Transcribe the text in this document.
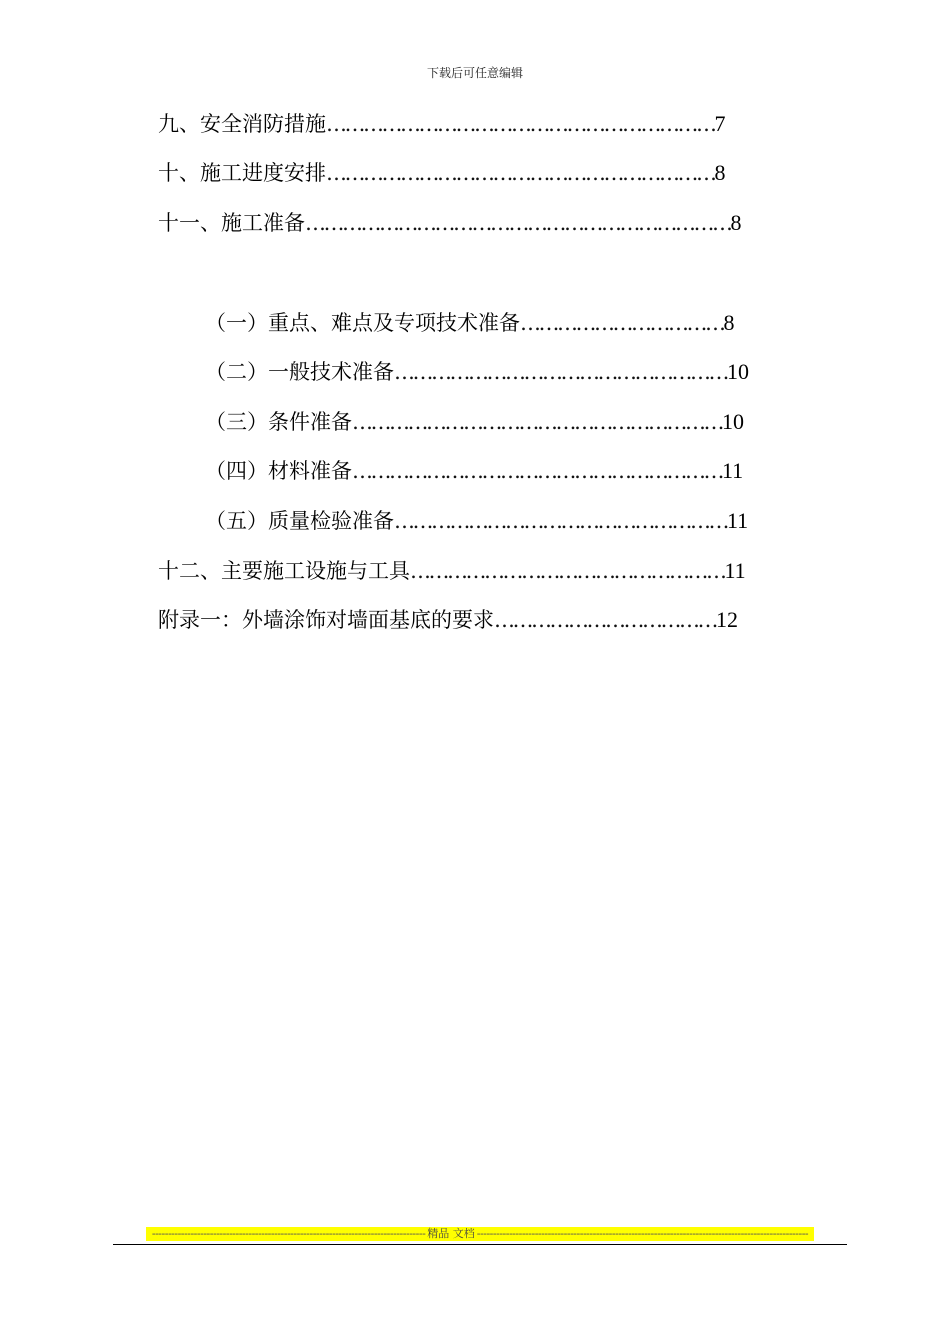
下载后可任意编辑
九、安全消防措施………………………………………………………7
十、施工进度安排………………………………………………………8
十一、施工准备……………………………………………………………8
（一）重点、难点及专项技术准备……………………………8
（二）一般技术准备………………………………………………10
（三）条件准备……………………………………………………10
（四）材料准备……………………………………………………11
（五）质量检验准备………………………………………………11
十二、主要施工设施与工具……………………………………………11
附录一：外墙涂饰对墙面基底的要求………………………………12
------------------------------------------------------------------------------------- 精品 文档 -------------------------------------------------------------------------------------------------------
